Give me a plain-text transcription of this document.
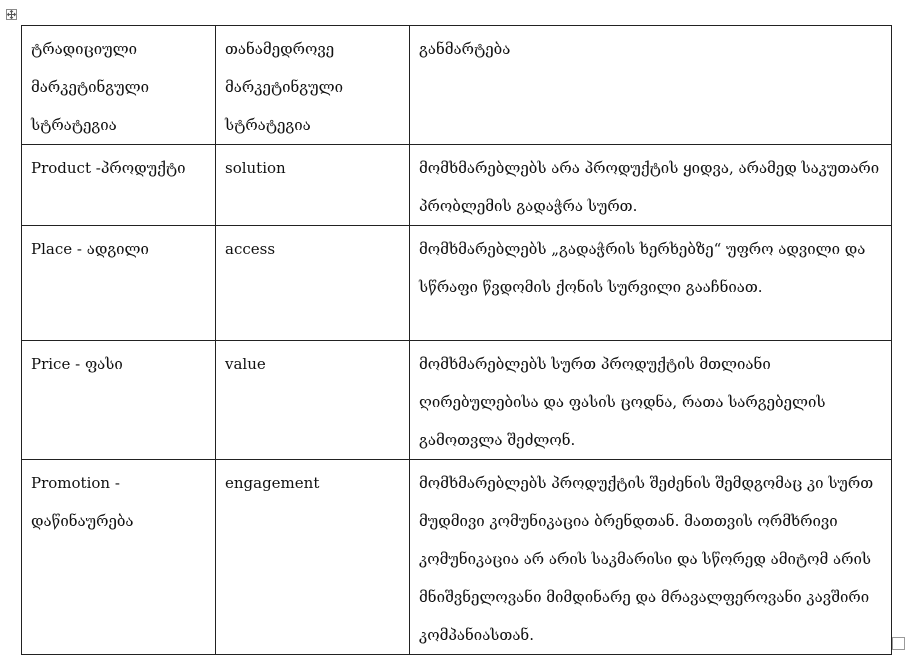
ტრადიციული მარკეტინგული სტრატეგია	თანამედროვე მარკეტინგული სტრატეგია	განმარტება

Product -პროდუქტი	solution	მომხმარებლებს არა პროდუქტის ყიდვა, არამედ საკუთარი პრობლემის გადაჭრა სურთ.

Place - ადგილი	access	მომხმარებლებს „გადაჭრის ხერხებზე“ უფრო ადვილი და სწრაფი წვდომის ქონის სურვილი გააჩნიათ.

Price - ფასი	value	მომხმარებლებს სურთ პროდუქტის მთლიანი ღირებულებისა და ფასის ცოდნა, რათა სარგებელის გამოთვლა შეძლონ.

Promotion - დაწინაურება	engagement	მომხმარებლებს პროდუქტის შეძენის შემდგომაც კი სურთ მუდმივი კომუნიკაცია ბრენდთან. მათთვის ორმხრივი კომუნიკაცია არ არის საკმარისი და სწორედ ამიტომ არის მნიშვნელოვანი მიმდინარე და მრავალფეროვანი კავშირი კომპანიასთან.
